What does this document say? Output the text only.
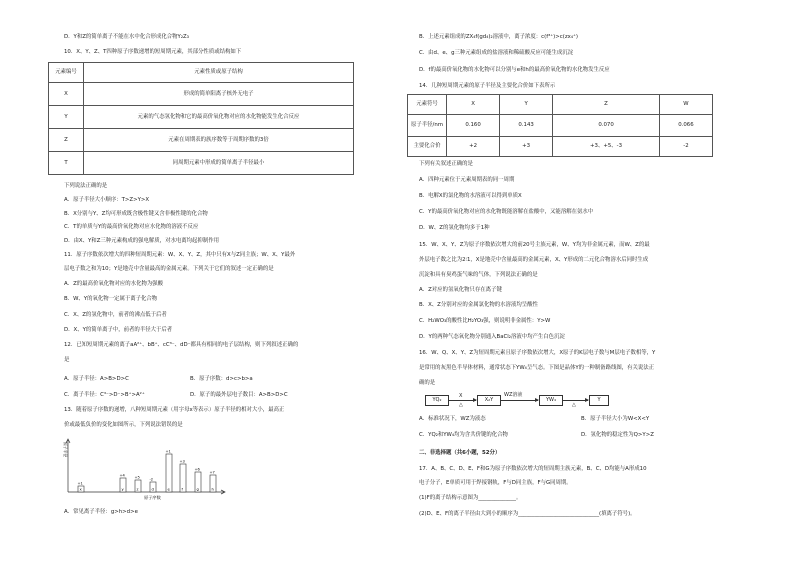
D．Y和Z的简单离子不能在水中化合形成化合物Y₂Z₃
10．X、Y、Z、T四种原子序数递增的短周期元素，其部分性质或结构如下
元素编号	元素性质或原子结构
X	形成的简单阳离子核外无电子
Y	元素的气态氢化物和它的最高价氧化物对应的水化物能发生化合反应
Z	元素在周期表的族序数等于周期序数的3倍
T	同周期元素中形成的简单离子半径最小
下列说法正确的是
A．原子半径大小顺序：T>Z>Y>X
B．X分别与Y、Z均可形成既含极性键又含非极性键的化合物
C．T的单质与Y的最高价氧化物对应水化物的溶液不反应
D．由X、Y和Z三种元素构成的强电解质，对水电离均起抑制作用
11．原子序数依次增大的四种短周期元素：W、X、Y、Z，其中只有X与Z同主族；W、X、Y最外
层电子数之和为10；Y是地壳中含量最高的金属元素。下列关于它们的叙述一定正确的是
A．Z的最高价氧化物对应的水化物为强酸
B．W、Y的氧化物一定属于离子化合物
C．X、Z的氢化物中，前者的沸点低于后者
D．X、Y的简单离子中，前者的半径大于后者
12．已知短周期元素的离子aA²⁺、bB⁺、cC³⁻、dD⁻都具有相同的电子层结构，则下列叙述正确的
是
A．原子半径：A>B>D>C	B．原子序数：d>c>b>a
C．离子半径：C³⁻>D⁻>B⁺>A²⁺	D．原子的最外层电子数目：A>B>D>C
13．随着原子序数的递增，八种短周期元素（用字母x等表示）原子半径的相对大小，最高正
价或最低负价的变化如图所示，下列说法错误的是
原子半径
原子序数
x
+1
y
+4
z
+5
d
-2
e
+1
f
+3
g
+6
h
+7
A．常见离子半径：g>h>d>e
B．上述元素组成的ZX₄f(gd₄)₂溶液中，离子浓度：c(f³⁺)>c(zx₄⁺)
C．由d、e、g三种元素组成的盐溶液和稀硫酸反应可能生成沉淀
D．f的最高价氧化物的水化物可以分别与e和h的最高价氧化物的水化物发生反应
14．几种短周期元素的原子半径及主要化合价如下表所示
元素符号	X	Y	Z	W
原子半径/nm	0.160	0.143	0.070	0.066
主要化合价	+2	+3	+3、+5、-3	-2
下列有关叙述正确的是
A．四种元素位于元素周期表的同一周期
B．电解X的氯化物的水溶液可以得到单质X
C．Y的最高价氧化物对应的水化物既能溶解在盐酸中，又能溶解在氨水中
D．W、Z的氢化物均多于1种
15．W、X、Y、Z为原子序数依次增大的前20号主族元素，W、Y均为非金属元素，而W、Z的最
外层电子数之比为2∶1，X是地壳中含量最高的金属元素，X、Y形成的二元化合物溶水后同时生成
沉淀和具有臭鸡蛋气味的气体，下列说法正确的是
A．Z对应的氢氧化物只存在离子键
B．X、Z分别对应的金属氯化物的水溶液均呈酸性
C．H₂WO₃的酸性比H₂YO₃强，则说明非金属性：Y>W
D．Y的两种气态氧化物分别通入BaCl₂溶液中均产生白色沉淀
16．W、Q、X、Y、Z为短周期元素且原子序数依次增大，X原子的K层电子数与M层电子数相等，Y
是常用的灰黑色半导体材料，通常状态下YW₄呈气态。下图是晶体Y的一种制备路线图，有关说法正
确的是
YQ₂
X
△
X₂Y
WZ溶液
YW₄
△
Y
A．标准状况下，WZ为液态	B．原子半径大小为W<X<Y
C．YQ₂和YW₄均为含共价键的化合物	D．氢化物的稳定性为Q>Y>Z
二、非选择题（共6小题，52分）
17．A、B、C、D、E、F和G为原子序数依次增大的短周期主族元素，B、C、D均能与A形成10
电子分子，E单质可用于焊接钢轨，F与D同主族，F与G同周期。
(1)F的离子结构示意图为______________。
(2)D、E、F的离子半径由大到小的顺序为______________________________(填离子符号)。
